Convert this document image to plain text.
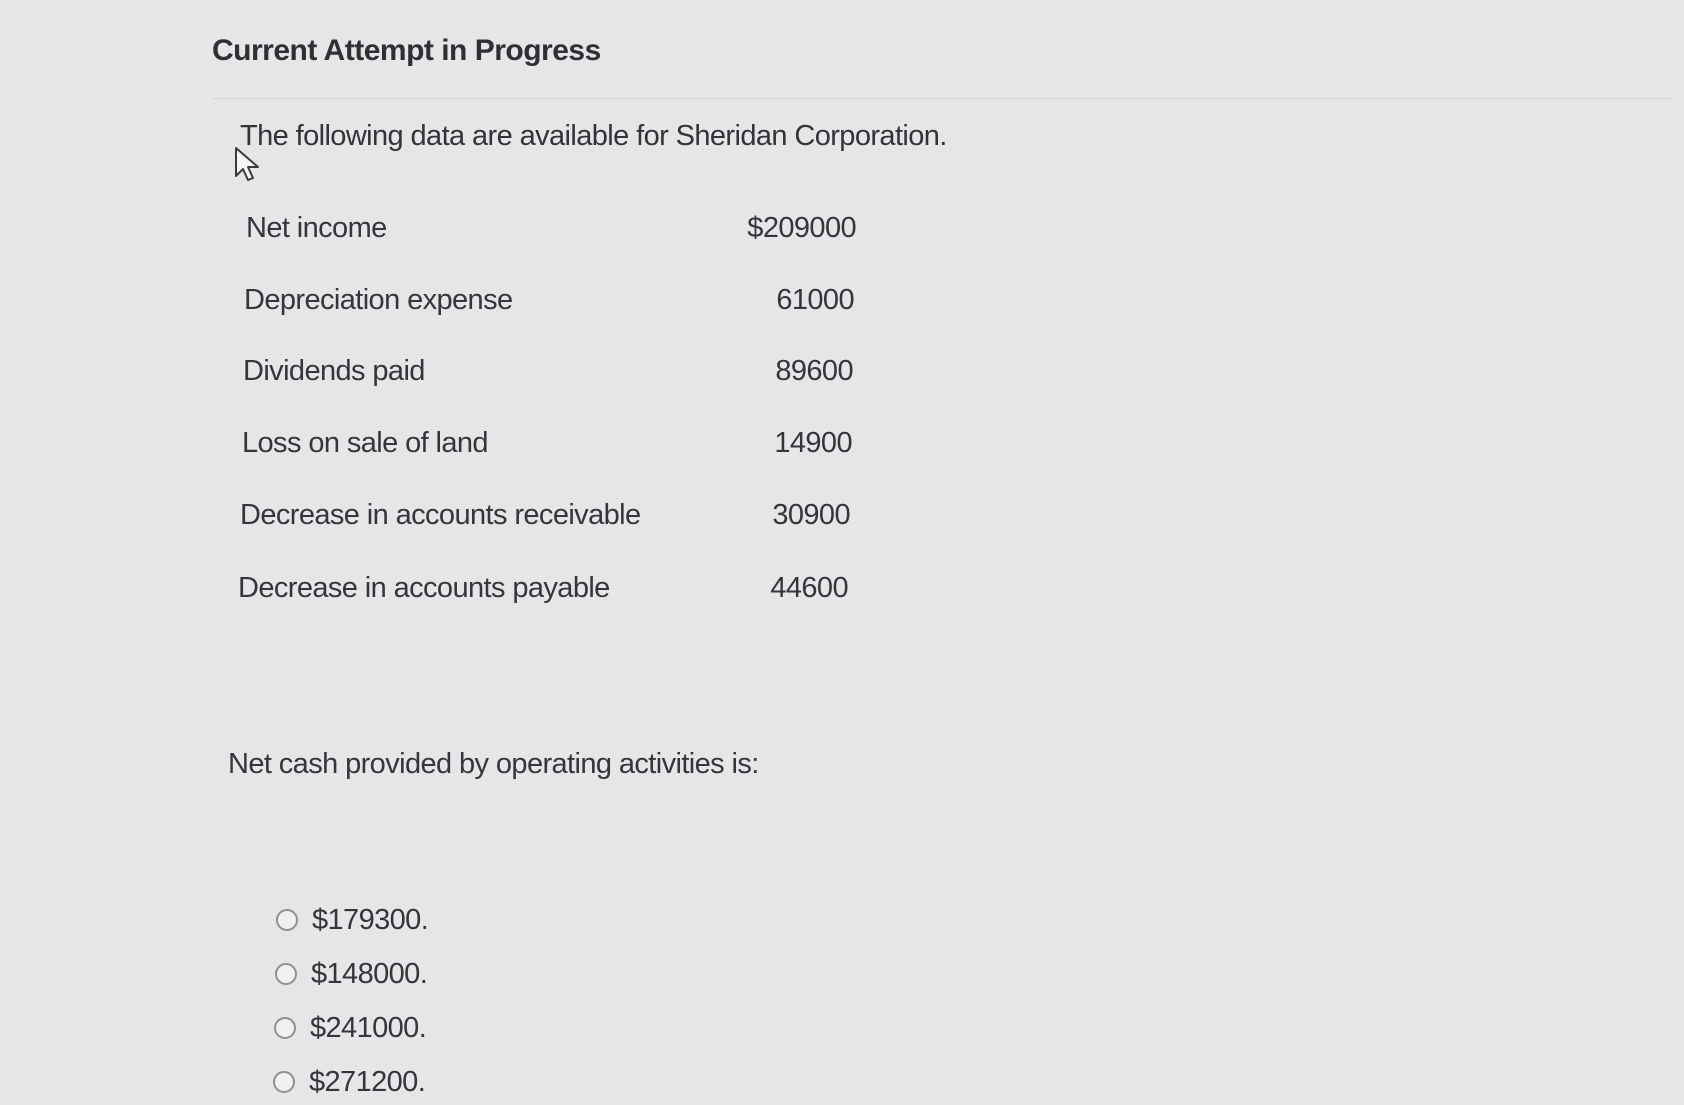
Current Attempt in Progress
The following data are available for Sheridan Corporation.
Net income	$209000
Depreciation expense	61000
Dividends paid	89600
Loss on sale of land	14900
Decrease in accounts receivable	30900
Decrease in accounts payable	44600
Net cash provided by operating activities is:
$179300.
$148000.
$241000.
$271200.
